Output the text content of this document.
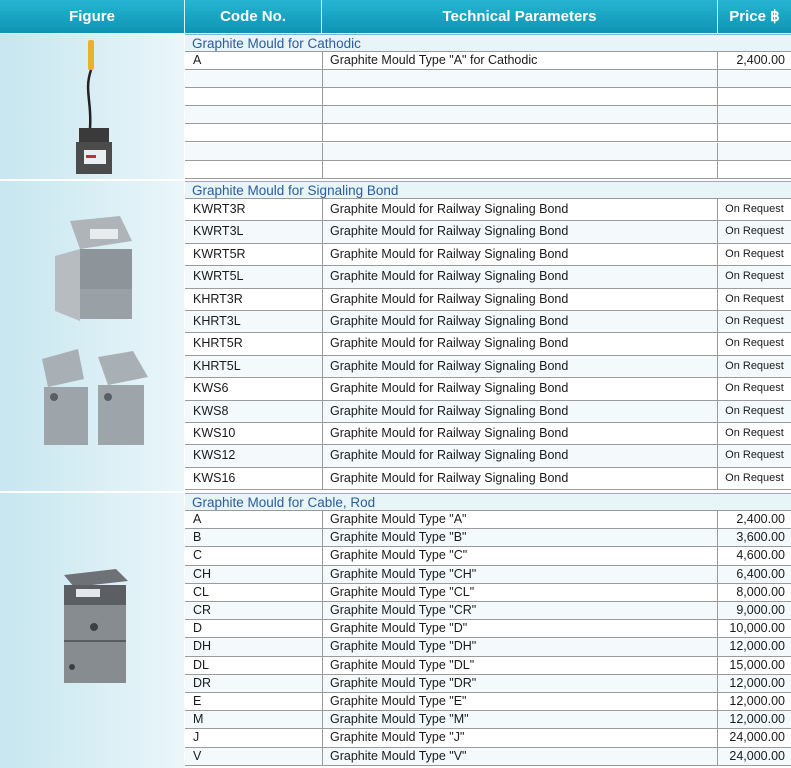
Figure	Code No.	Technical Parameters	Price ฿
Graphite Mould for Cathodic
A	Graphite Mould Type "A" for Cathodic	2,400.00
Graphite Mould for Signaling Bond
KWRT3R	Graphite Mould for Railway Signaling Bond	On Request
KWRT3L	Graphite Mould for Railway Signaling Bond	On Request
KWRT5R	Graphite Mould for Railway Signaling Bond	On Request
KWRT5L	Graphite Mould for Railway Signaling Bond	On Request
KHRT3R	Graphite Mould for Railway Signaling Bond	On Request
KHRT3L	Graphite Mould for Railway Signaling Bond	On Request
KHRT5R	Graphite Mould for Railway Signaling Bond	On Request
KHRT5L	Graphite Mould for Railway Signaling Bond	On Request
KWS6	Graphite Mould for Railway Signaling Bond	On Request
KWS8	Graphite Mould for Railway Signaling Bond	On Request
KWS10	Graphite Mould for Railway Signaling Bond	On Request
KWS12	Graphite Mould for Railway Signaling Bond	On Request
KWS16	Graphite Mould for Railway Signaling Bond	On Request
Graphite Mould for Cable, Rod
A	Graphite Mould Type "A"	2,400.00
B	Graphite Mould Type "B"	3,600.00
C	Graphite Mould Type "C"	4,600.00
CH	Graphite Mould Type "CH"	6,400.00
CL	Graphite Mould Type "CL"	8,000.00
CR	Graphite Mould Type "CR"	9,000.00
D	Graphite Mould Type "D"	10,000.00
DH	Graphite Mould Type "DH"	12,000.00
DL	Graphite Mould Type "DL"	15,000.00
DR	Graphite Mould Type "DR"	12,000.00
E	Graphite Mould Type "E"	12,000.00
M	Graphite Mould Type "M"	12,000.00
J	Graphite Mould Type "J"	24,000.00
V	Graphite Mould Type "V"	24,000.00
